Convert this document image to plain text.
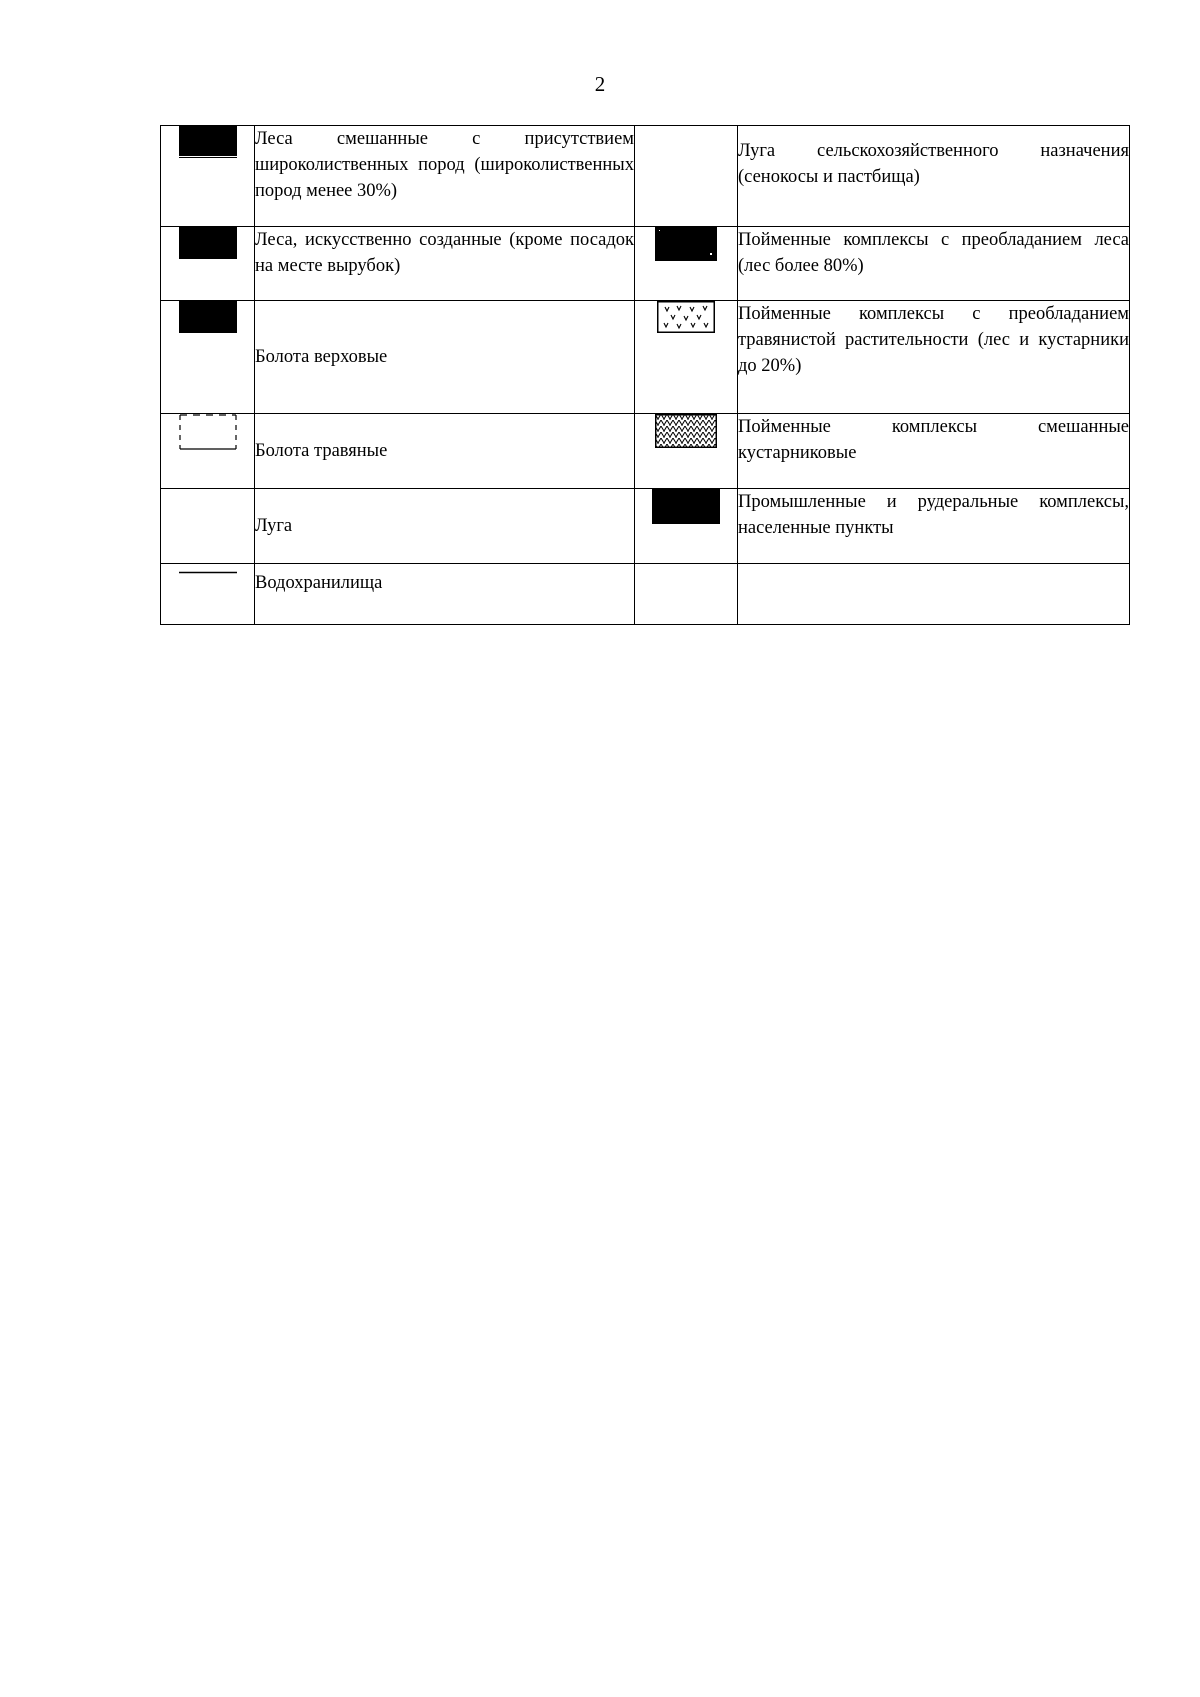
2
	Леса смешанные с присутствием широколиственных пород (широколиственных пород менее 30%)		Луга сельскохозяйственного назначения (сенокосы и пастбища)

	Леса, искусственно созданные (кроме посадок на месте вырубок)		Пойменные комплексы с преобладанием леса (лес более 80%)

	Болота верховые		Пойменные комплексы с преобладанием травянистой растительности (лес и кустарники до 20%)

	Болота травяные		Пойменные комплексы смешанные кустарниковые
	Луга		Промышленные и рудеральные комплексы, населенные пункты

	Водохранилища		
